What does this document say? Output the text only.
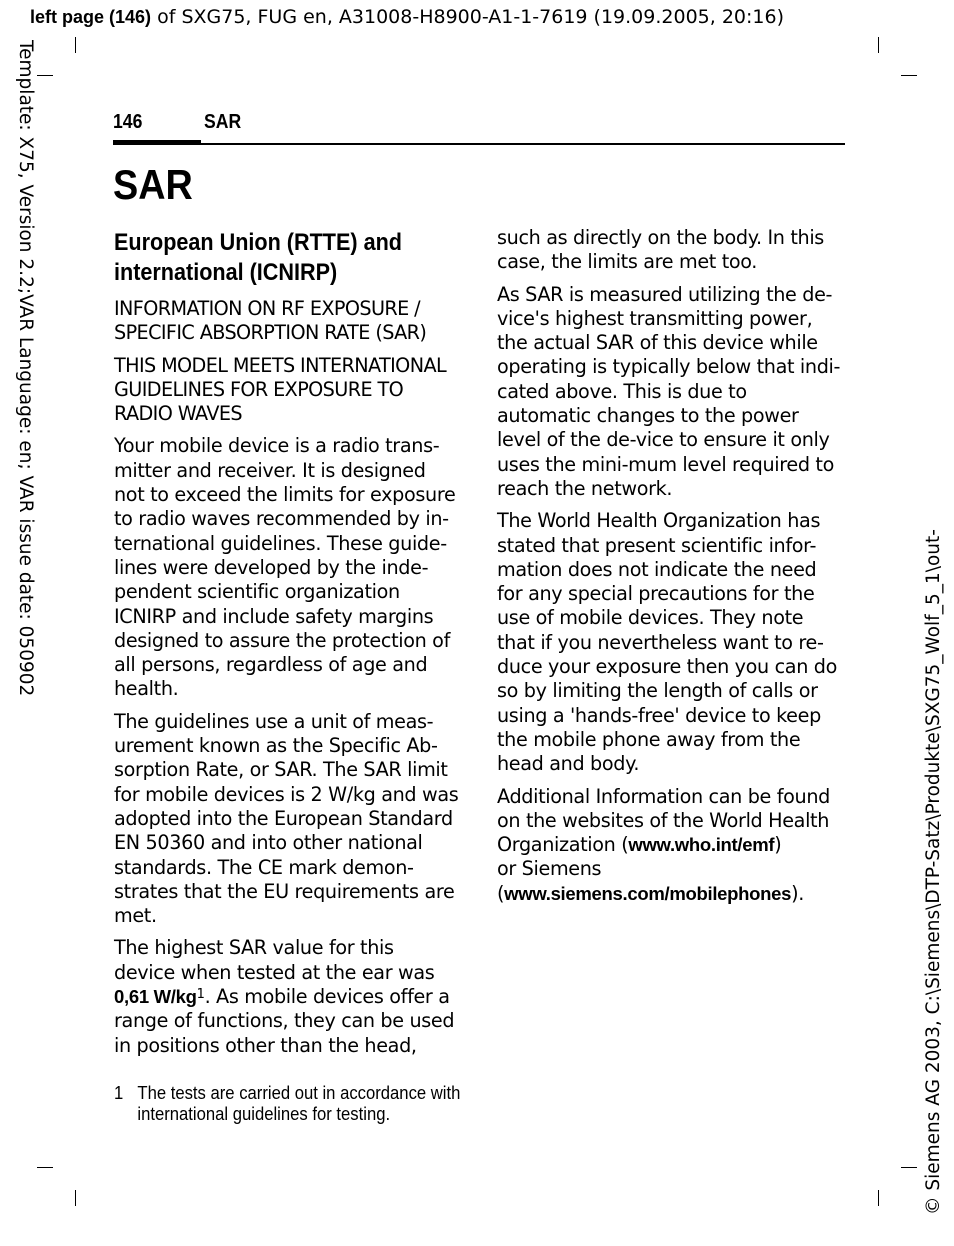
left page (146) of SXG75, FUG en, A31008-H8900-A1-1-7619 (19.09.2005, 20:16)
Template: X75, Version 2.2;VAR Language: en; VAR issue date: 050902
© Siemens AG 2003, C:\Siemens\DTP-Satz\Produkte\SXG75_Wolf_5_1\out-
146	SAR
SAR
European Union (RTTE) and international (ICNIRP)

INFORMATION ON RF EXPOSURE / SPECIFIC ABSORPTION RATE (SAR)

THIS MODEL MEETS INTERNATIONAL GUIDELINES FOR EXPOSURE TO RADIO WAVES

Your mobile device is a radio trans-mitter and receiver. It is designed not to exceed the limits for exposure to radio waves recommended by in-ternational guidelines. These guide-lines were developed by the inde-pendent scientific organization ICNIRP and include safety margins designed to assure the protection of all persons, regardless of age and health.

The guidelines use a unit of meas-urement known as the Specific Ab-sorption Rate, or SAR. The SAR limit for mobile devices is 2 W/kg and was adopted into the European Standard EN 50360 and into other national standards. The CE mark demon-strates that the EU requirements are met.

The highest SAR value for this device when tested at the ear was
0,61 $W/kg^1$. As mobile devices offer a range of functions, they can be used in positions other than the head,

such as directly on the body. In this case, the limits are met too.

As SAR is measured utilizing the de-vice's highest transmitting power, the actual SAR of this device while operating is typically below that indi-cated above. This is due to automatic changes to the power level of the de-vice to ensure it only uses the mini-mum level required to reach the network.

The World Health Organization has stated that present scientific infor-mation does not indicate the need for any special precautions for the use of mobile devices. They note that if you nevertheless want to re-duce your exposure then you can do so by limiting the length of calls or using a 'hands-free' device to keep the mobile phone away from the head and body.

Additional Information can be found on the websites of the World Health Organization (www.who.int/emf)
or Siemens
(www.siemens.com/mobilephones).

1 The tests are carried out in accordance with international guidelines for testing.
